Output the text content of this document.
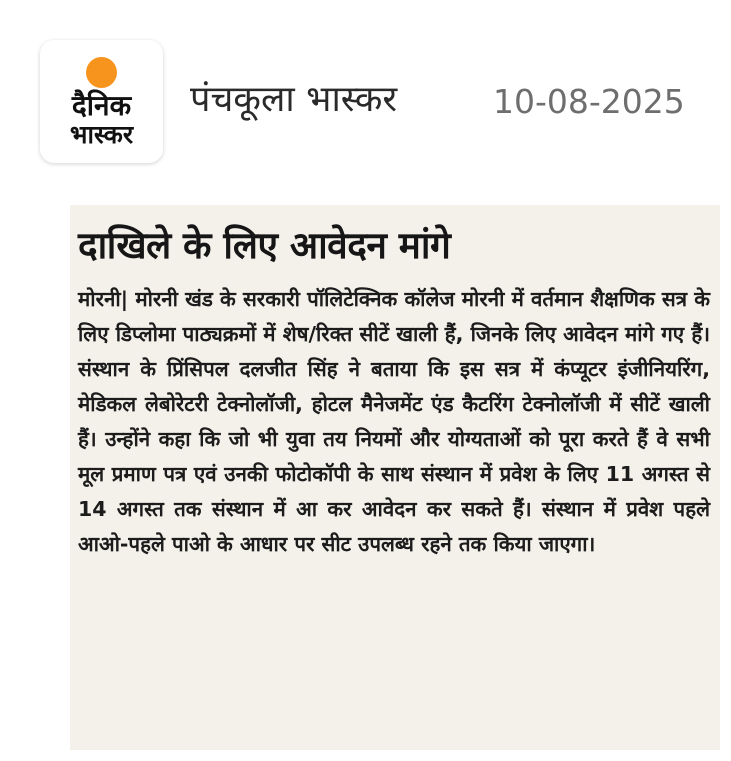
दैनिक
भास्कर
पंचकूला भास्कर	10-08-2025
दाखिले के लिए आवेदन मांगे
मोरनी| मोरनी खंड के सरकारी पॉलिटेक्निक कॉलेज मोरनी में वर्तमान शैक्षणिक सत्र के लिए डिप्लोमा पाठ्यक्रमों में शेष/रिक्त सीटें खाली हैं, जिनके लिए आवेदन मांगे गए हैं। संस्थान के प्रिंसिपल दलजीत सिंह ने बताया कि इस सत्र में कंप्यूटर इंजीनियरिंग, मेडिकल लेबोरेटरी टेक्नोलॉजी, होटल मैनेजमेंट एंड कैटरिंग टेक्नोलॉजी में सीटें खाली हैं। उन्होंने कहा कि जो भी युवा तय नियमों और योग्यताओं को पूरा करते हैं वे सभी मूल प्रमाण पत्र एवं उनकी फोटोकॉपी के साथ संस्थान में प्रवेश के लिए 11 अगस्त से 14 अगस्त तक संस्थान में आ कर आवेदन कर सकते हैं। संस्थान में प्रवेश पहले आओ-पहले पाओ के आधार पर सीट उपलब्ध रहने तक किया जाएगा।
